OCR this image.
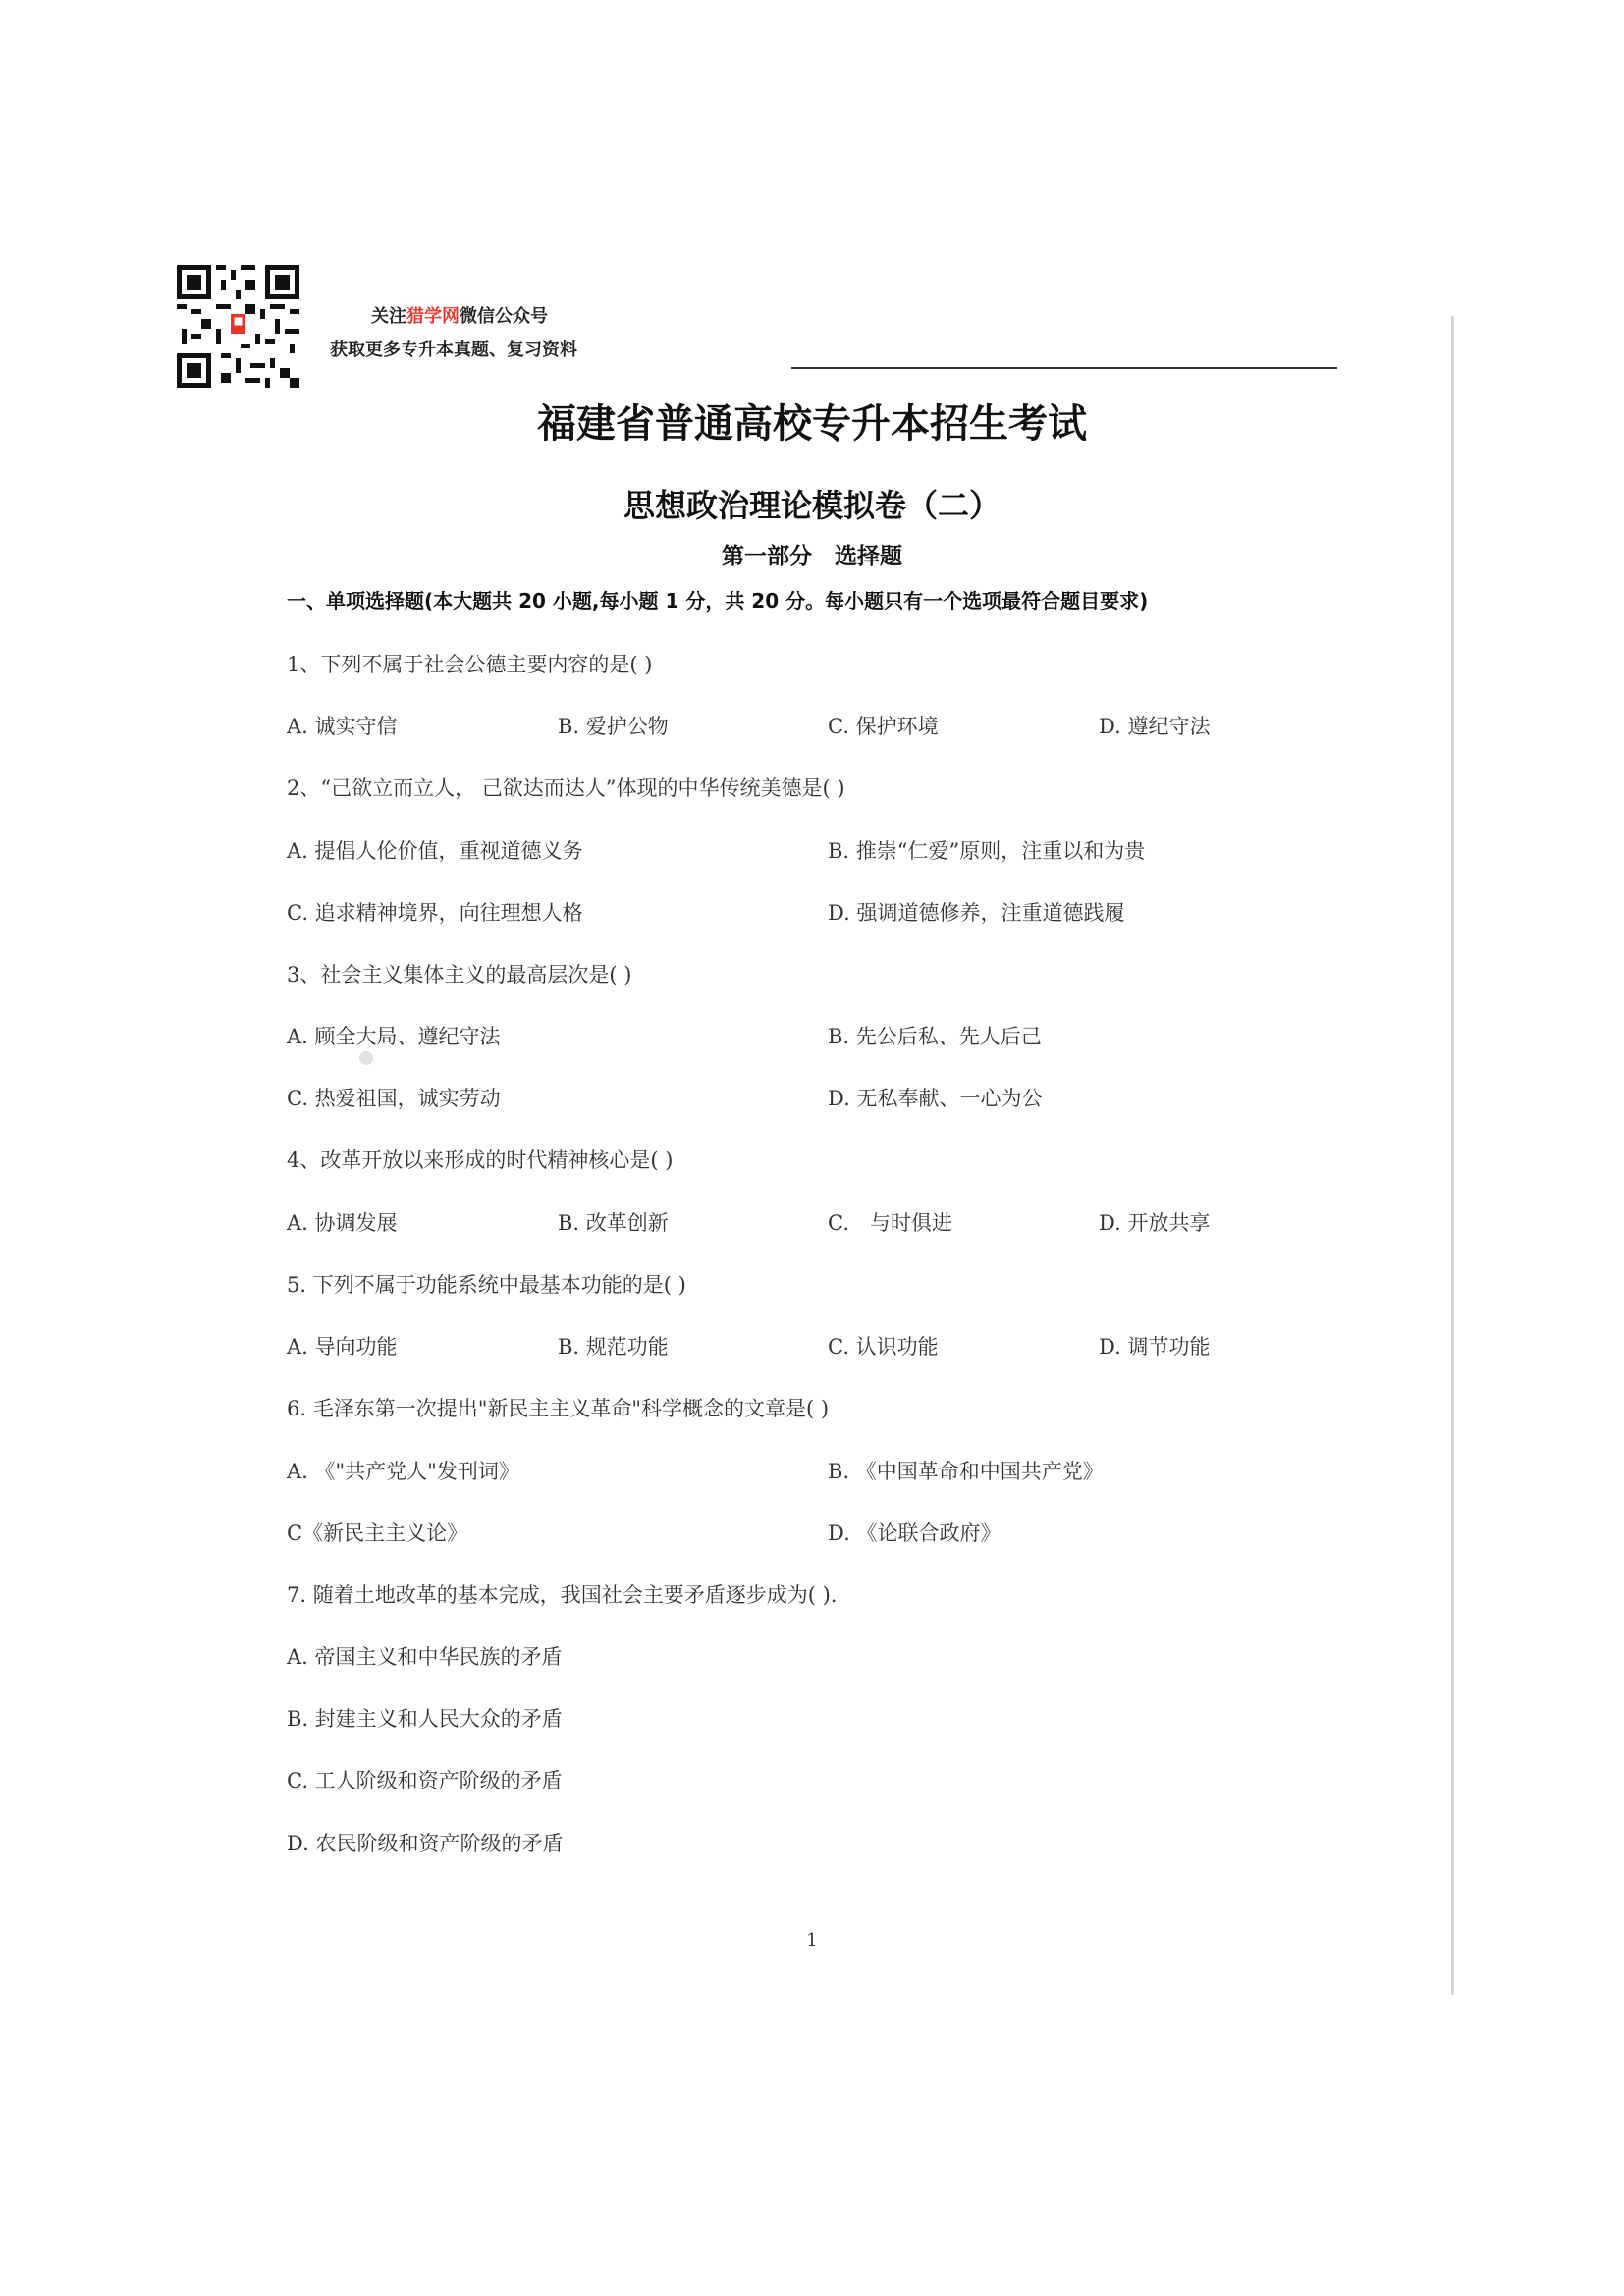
关注猎学网微信公众号
获取更多专升本真题、复习资料
福建省普通高校专升本招生考试
思想政治理论模拟卷（二）
第一部分　选择题
一、单项选择题(本大题共 20 小题,每小题 1 分，共 20 分。每小题只有一个选项最符合题目要求)
1、下列不属于社会公德主要内容的是( )
A. 诚实守信	B. 爱护公物	C. 保护环境	D. 遵纪守法
2、“己欲立而立人， 己欲达而达人”体现的中华传统美德是( )
A. 提倡人伦价值，重视道德义务	B. 推崇“仁爱”原则，注重以和为贵
C. 追求精神境界，向往理想人格	D. 强调道德修养，注重道德践履
3、社会主义集体主义的最高层次是( )
A. 顾全大局、遵纪守法	B. 先公后私、先人后己
C. 热爱祖国，诚实劳动	D. 无私奉献、一心为公
4、改革开放以来形成的时代精神核心是( )
A. 协调发展	B. 改革创新	C.　与时俱进	D. 开放共享
5. 下列不属于功能系统中最基本功能的是( )
A. 导向功能	B. 规范功能	C. 认识功能	D. 调节功能
6. 毛泽东第一次提出"新民主主义革命"科学概念的文章是( )
A. 《"共产党人"发刊词》	B. 《中国革命和中国共产党》
C《新民主主义论》	D. 《论联合政府》
7. 随着土地改革的基本完成，我国社会主要矛盾逐步成为( ).
A. 帝国主义和中华民族的矛盾
B. 封建主义和人民大众的矛盾
C. 工人阶级和资产阶级的矛盾
D. 农民阶级和资产阶级的矛盾
1
